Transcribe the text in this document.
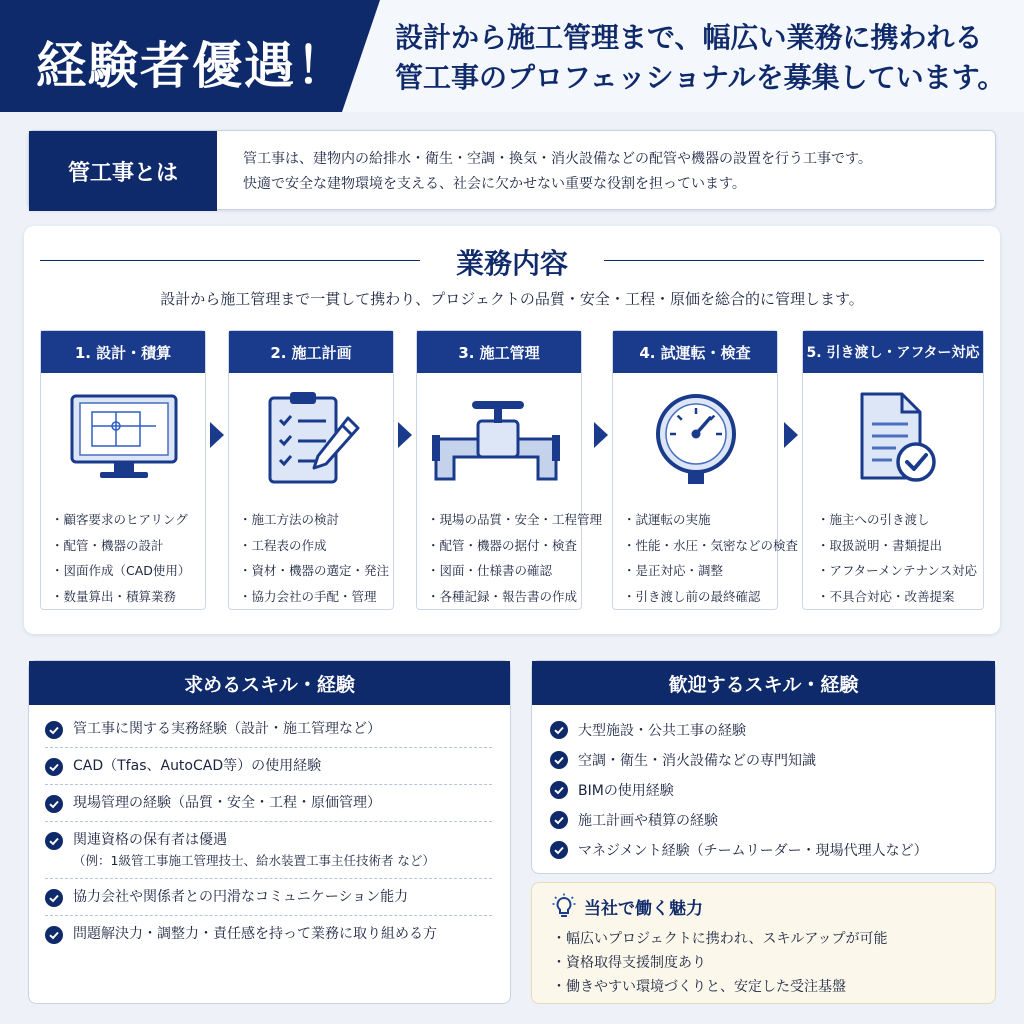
経験者優遇！ 設計から施工管理まで、幅広い業務に携われる
管工事のプロフェッショナルを募集しています。
管工事とは
管工事は、建物内の給排水・衛生・空調・換気・消火設備などの配管や機器の設置を行う工事です。
快適で安全な建物環境を支える、社会に欠かせない重要な役割を担っています。
業務内容
設計から施工管理まで一貫して携わり、プロジェクトの品質・安全・工程・原価を総合的に管理します。
1. 設計・積算
・顧客要求のヒアリング
・配管・機器の設計
・図面作成（CAD使用）
・数量算出・積算業務
2. 施工計画
・施工方法の検討
・工程表の作成
・資材・機器の選定・発注
・協力会社の手配・管理
3. 施工管理
・現場の品質・安全・工程管理
・配管・機器の据付・検査
・図面・仕様書の確認
・各種記録・報告書の作成
4. 試運転・検査
・試運転の実施
・性能・水圧・気密などの検査
・是正対応・調整
・引き渡し前の最終確認
5. 引き渡し・アフター対応
・施主への引き渡し
・取扱説明・書類提出
・アフターメンテナンス対応
・不具合対応・改善提案
求めるスキル・経験
管工事に関する実務経験（設計・施工管理など）
CAD（Tfas、AutoCAD等）の使用経験
現場管理の経験（品質・安全・工程・原価管理）
関連資格の保有者は優遇
（例：1級管工事施工管理技士、給水装置工事主任技術者 など）
協力会社や関係者との円滑なコミュニケーション能力
問題解決力・調整力・責任感を持って業務に取り組める方
歓迎するスキル・経験
大型施設・公共工事の経験
空調・衛生・消火設備などの専門知識
BIMの使用経験
施工計画や積算の経験
マネジメント経験（チームリーダー・現場代理人など）
当社で働く魅力
・幅広いプロジェクトに携われ、スキルアップが可能
・資格取得支援制度あり
・働きやすい環境づくりと、安定した受注基盤
